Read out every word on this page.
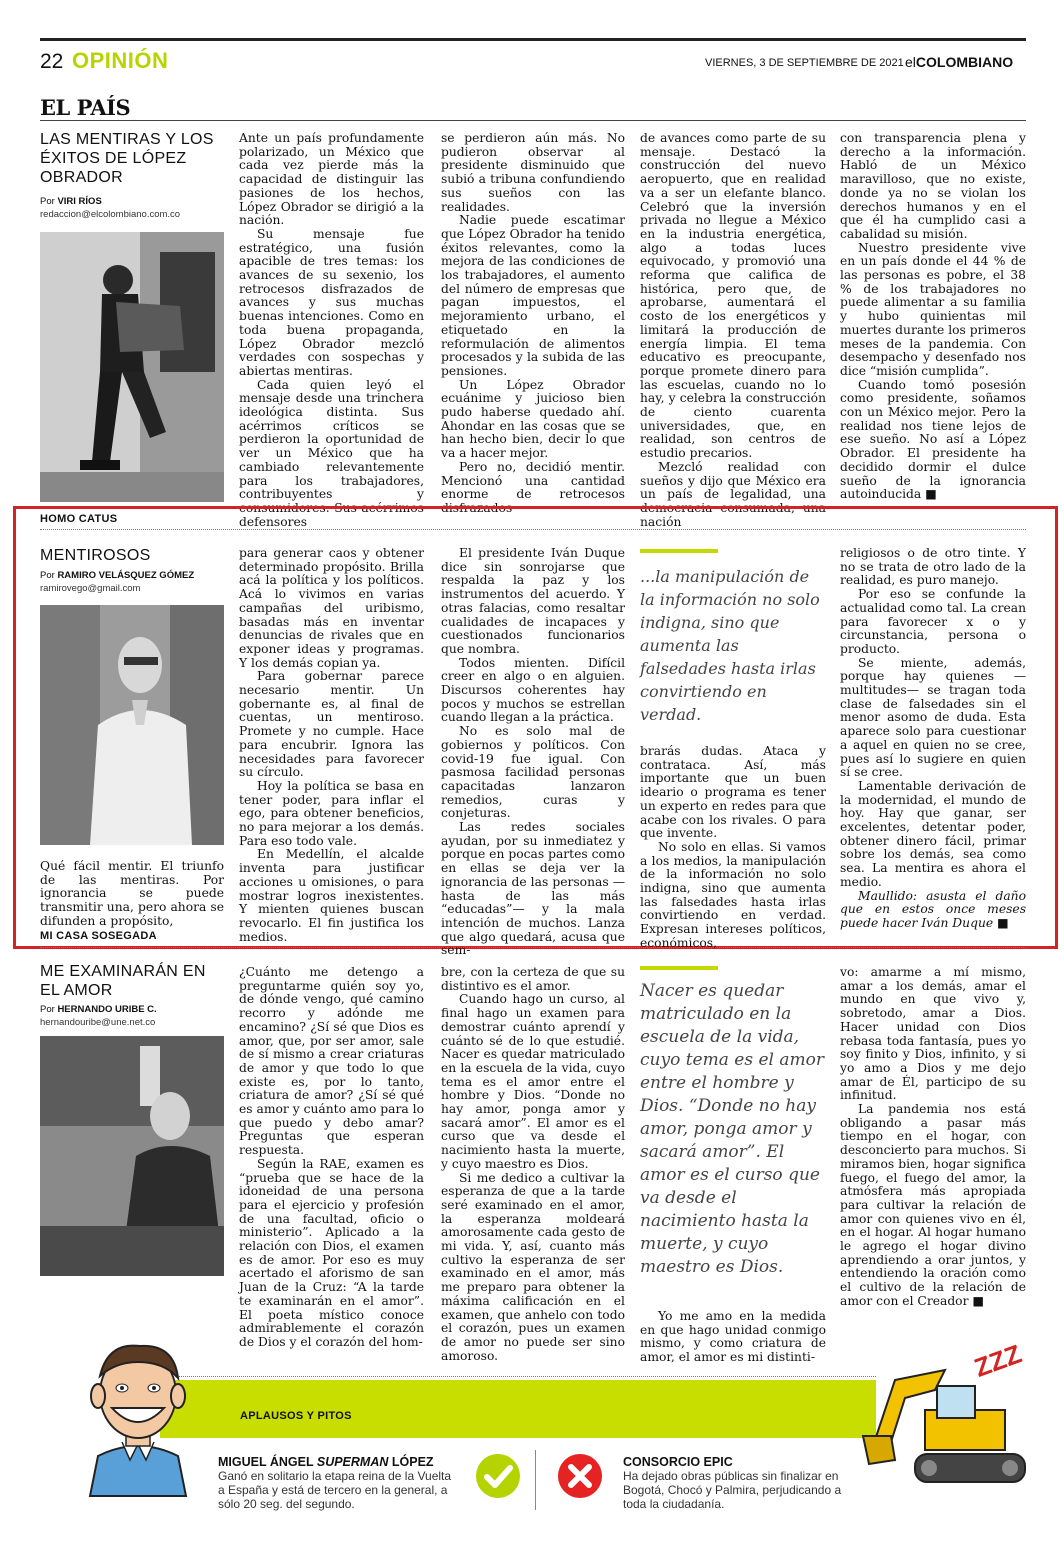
22 OPINIÓN	VIERNES, 3 DE SEPTIEMBRE DE 2021 elCOLOMBIANO
EL PAÍS
LAS MENTIRAS Y LOS ÉXITOS DE LÓPEZ OBRADOR
Por VIRI RÍOS
redaccion@elcolombiano.com.co

Ante un país profundamente polarizado, un México que cada vez pierde más la capacidad de distinguir las pasiones de los hechos, López Obrador se dirigió a la nación.

Su mensaje fue estratégico, una fusión apacible de tres temas: los avances de su sexenio, los retrocesos disfrazados de avances y sus muchas buenas intenciones. Como en toda buena propaganda, López Obrador mezcló verdades con sospechas y abiertas mentiras.

Cada quien leyó el mensaje desde una trinchera ideológica distinta. Sus acérrimos críticos se perdieron la oportunidad de ver un México que ha cambiado relevantemente para los trabajadores, contribuyentes y consumidores. Sus acérrimos defensores

se perdieron aún más. No pudieron observar al presidente disminuido que subió a tribuna confundiendo sus sueños con las realidades.

Nadie puede escatimar que López Obrador ha tenido éxitos relevantes, como la mejora de las condiciones de los trabajadores, el aumento del número de empresas que pagan impuestos, el mejoramiento urbano, el etiquetado en la reformulación de alimentos procesados y la subida de las pensiones.

Un López Obrador ecuánime y juicioso bien pudo haberse quedado ahí. Ahondar en las cosas que se han hecho bien, decir lo que va a hacer mejor.

Pero no, decidió mentir. Mencionó una cantidad enorme de retrocesos disfrazados

de avances como parte de su mensaje. Destacó la construcción del nuevo aeropuerto, que en realidad va a ser un elefante blanco. Celebró que la inversión privada no llegue a México en la industria energética, algo a todas luces equivocado, y promovió una reforma que califica de histórica, pero que, de aprobarse, aumentará el costo de los energéticos y limitará la producción de energía limpia. El tema educativo es preocupante, porque promete dinero para las escuelas, cuando no lo hay, y celebra la construcción de ciento cuarenta universidades, que, en realidad, son centros de estudio precarios.

Mezcló realidad con sueños y dijo que México era un país de legalidad, una democracia consumada, una nación

con transparencia plena y derecho a la información. Habló de un México maravilloso, que no existe, donde ya no se violan los derechos humanos y en el que él ha cumplido casi a cabalidad su misión.

Nuestro presidente vive en un país donde el 44 % de las personas es pobre, el 38 % de los trabajadores no puede alimentar a su familia y hubo quinientas mil muertes durante los primeros meses de la pandemia. Con desempacho y desenfado nos dice “misión cumplida”.

Cuando tomó posesión como presidente, soñamos con un México mejor. Pero la realidad nos tiene lejos de ese sueño. No así a López Obrador. El presidente ha decidido dormir el dulce sueño de la ignorancia autoinducida ■

HOMO CATUS
MENTIROSOS
Por RAMIRO VELÁSQUEZ GÓMEZ
ramirovego@gmail.com

Qué fácil mentir. El triunfo de las mentiras. Por ignorancia se puede transmitir una, pero ahora se difunden a propósito,

para generar caos y obtener determinado propósito. Brilla acá la política y los políticos. Acá lo vivimos en varias campañas del uribismo, basadas más en inventar denuncias de rivales que en exponer ideas y programas. Y los demás copian ya.

Para gobernar parece necesario mentir. Un gobernante es, al final de cuentas, un mentiroso. Promete y no cumple. Hace para encubrir. Ignora las necesidades para favorecer su círculo.

Hoy la política se basa en tener poder, para inflar el ego, para obtener beneficios, no para mejorar a los demás. Para eso todo vale.

En Medellín, el alcalde inventa para justificar acciones u omisiones, o para mostrar logros inexistentes. Y mienten quienes buscan revocarlo. El fin justifica los medios.

El presidente Iván Duque dice sin sonrojarse que respalda la paz y los instrumentos del acuerdo. Y otras falacias, como resaltar cualidades de incapaces y cuestionados funcionarios que nombra.

Todos mienten. Difícil creer en algo o en alguien. Discursos coherentes hay pocos y muchos se estrellan cuando llegan a la práctica.

No es solo mal de gobiernos y políticos. Con covid-19 fue igual. Con pasmosa facilidad personas capacitadas lanzaron remedios, curas y conjeturas.

Las redes sociales ayudan, por su inmediatez y porque en pocas partes como en ellas se deja ver la ignorancia de las personas —hasta de las más “educadas”— y la mala intención de muchos. Lanza que algo quedará, acusa que sem-

...la manipulación de la información no solo indigna, sino que aumenta las falsedades hasta irlas convirtiendo en verdad.

brarás dudas. Ataca y contrataca. Así, más importante que un buen ideario o programa es tener un experto en redes para que acabe con los rivales. O para que invente.

No solo en ellas. Si vamos a los medios, la manipulación de la información no solo indigna, sino que aumenta las falsedades hasta irlas convirtiendo en verdad. Expresan intereses políticos, económicos,

religiosos o de otro tinte. Y no se trata de otro lado de la realidad, es puro manejo.

Por eso se confunde la actualidad como tal. La crean para favorecer x o y circunstancia, persona o producto.

Se miente, además, porque hay quienes —multitudes— se tragan toda clase de falsedades sin el menor asomo de duda. Esta aparece solo para cuestionar a aquel en quien no se cree, pues así lo sugiere en quien sí se cree.

Lamentable derivación de la modernidad, el mundo de hoy. Hay que ganar, ser excelentes, detentar poder, obtener dinero fácil, primar sobre los demás, sea como sea. La mentira es ahora el medio.

Maullido: asusta el daño que en estos once meses puede hacer Iván Duque ■

MI CASA SOSEGADA
ME EXAMINARÁN EN EL AMOR
Por HERNANDO URIBE C.
hernandouribe@une.net.co

¿Cuánto me detengo a preguntarme quién soy yo, de dónde vengo, qué camino recorro y adónde me encamino? ¿Sí sé que Dios es amor, que, por ser amor, sale de sí mismo a crear criaturas de amor y que todo lo que existe es, por lo tanto, criatura de amor? ¿Sí sé qué es amor y cuánto amo para lo que puedo y debo amar? Preguntas que esperan respuesta.

Según la RAE, examen es “prueba que se hace de la idoneidad de una persona para el ejercicio y profesión de una facultad, oficio o ministerio”. Aplicado a la relación con Dios, el examen es de amor. Por eso es muy acertado el aforismo de san Juan de la Cruz: “A la tarde te examinarán en el amor”. El poeta místico conoce admirablemente el corazón de Dios y el corazón del hom-

bre, con la certeza de que su distintivo es el amor.

Cuando hago un curso, al final hago un examen para demostrar cuánto aprendí y cuánto sé de lo que estudié. Nacer es quedar matriculado en la escuela de la vida, cuyo tema es el amor entre el hombre y Dios. “Donde no hay amor, ponga amor y sacará amor”. El amor es el curso que va desde el nacimiento hasta la muerte, y cuyo maestro es Dios.

Si me dedico a cultivar la esperanza de que a la tarde seré examinado en el amor, la esperanza moldeará amorosamente cada gesto de mi vida. Y, así, cuanto más cultivo la esperanza de ser examinado en el amor, más me preparo para obtener la máxima calificación en el examen, que anhelo con todo el corazón, pues un examen de amor no puede ser sino amoroso.

Nacer es quedar matriculado en la escuela de la vida, cuyo tema es el amor entre el hombre y Dios. “Donde no hay amor, ponga amor y sacará amor”. El amor es el curso que va desde el nacimiento hasta la muerte, y cuyo maestro es Dios.

Yo me amo en la medida en que hago unidad conmigo mismo, y como criatura de amor, el amor es mi distinti-

vo: amarme a mí mismo, amar a los demás, amar el mundo en que vivo y, sobretodo, amar a Dios. Hacer unidad con Dios rebasa toda fantasía, pues yo soy finito y Dios, infinito, y si yo amo a Dios y me dejo amar de Él, participo de su infinitud.

La pandemia nos está obligando a pasar más tiempo en el hogar, con desconcierto para muchos. Si miramos bien, hogar significa fuego, el fuego del amor, la atmósfera más apropiada para cultivar la relación de amor con quienes vivo en él, en el hogar. Al hogar humano le agrego el hogar divino aprendiendo a orar juntos, y entendiendo la oración como el cultivo de la relación de amor con el Creador ■

APLAUSOS Y PITOS
MIGUEL ÁNGEL SUPERMAN LÓPEZ
Ganó en solitario la etapa reina de la Vuelta a España y está de tercero en la general, a sólo 20 seg. del segundo.
CONSORCIO EPIC
Ha dejado obras públicas sin finalizar en Bogotá, Chocó y Palmira, perjudicando a toda la ciudadanía.
ZZZ
